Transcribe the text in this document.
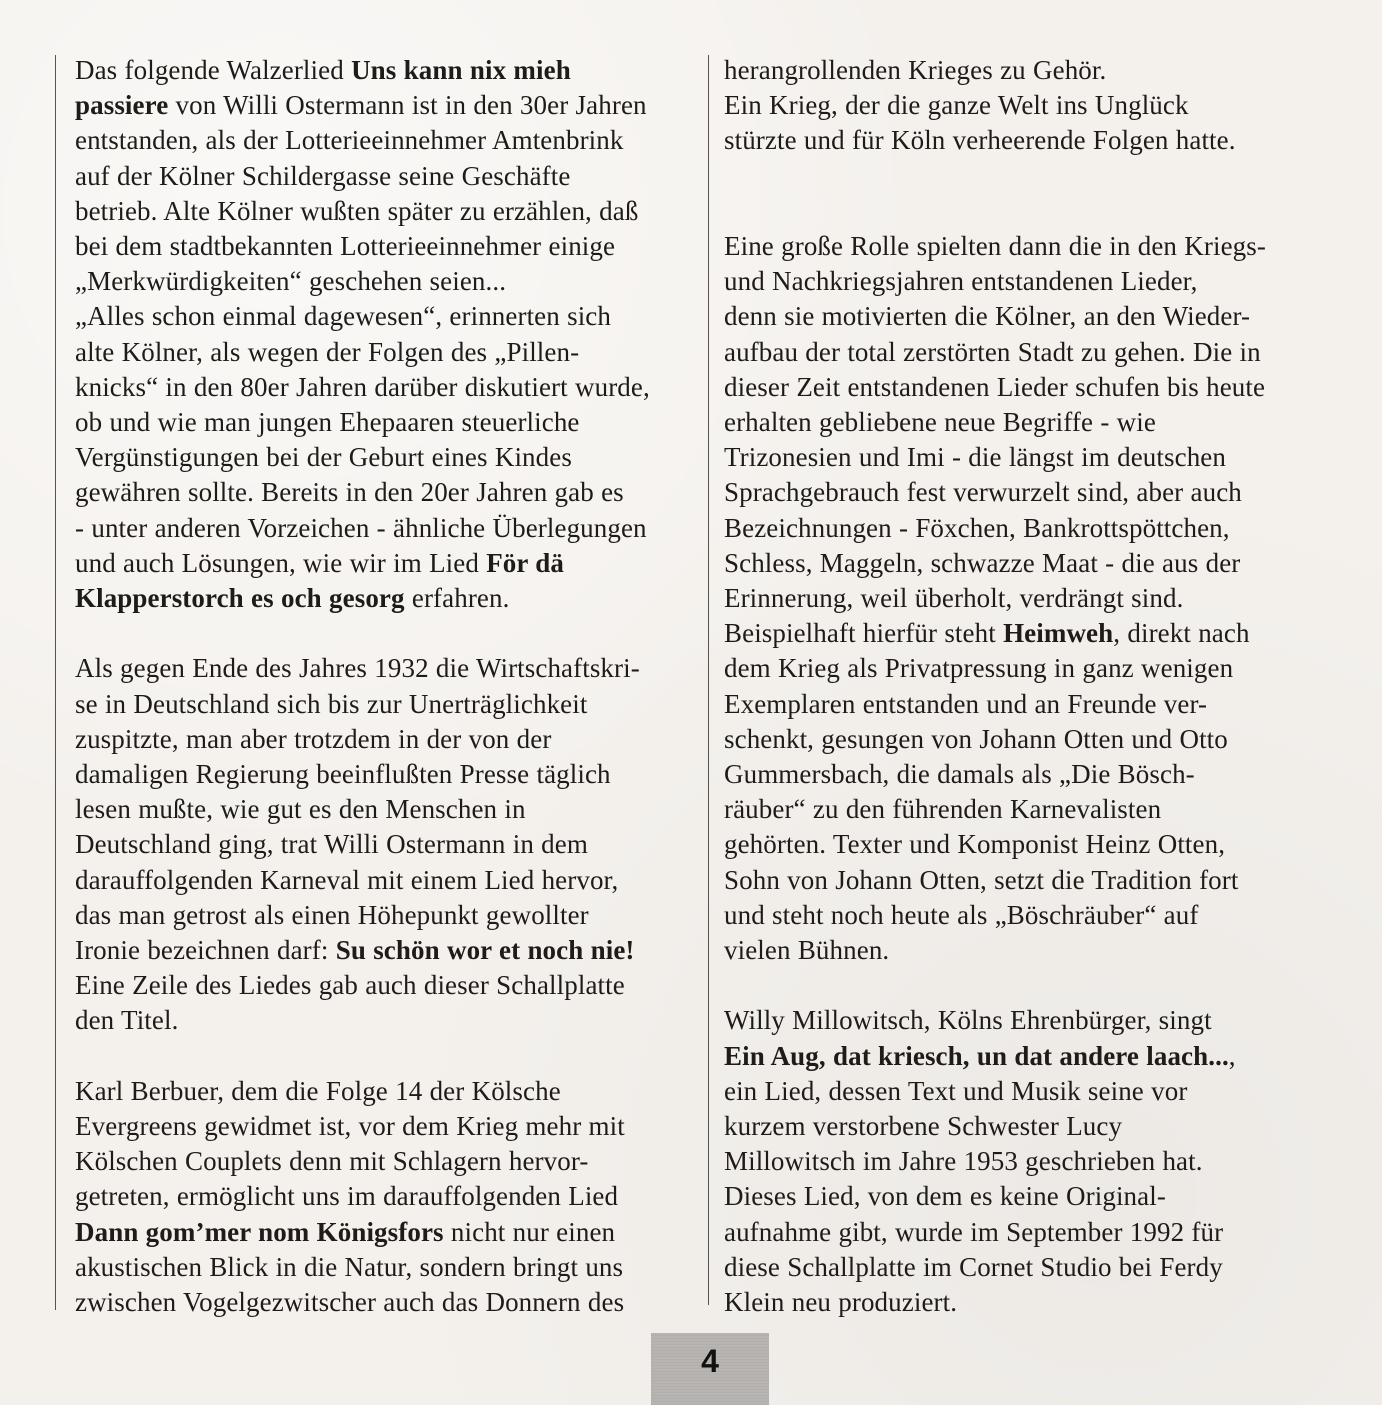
Das folgende Walzerlied Uns kann nix mieh
passiere von Willi Ostermann ist in den 30er Jahren
entstanden, als der Lotterieeinnehmer Amtenbrink
auf der Kölner Schildergasse seine Geschäfte
betrieb. Alte Kölner wußten später zu erzählen, daß
bei dem stadtbekannten Lotterieeinnehmer einige
„Merkwürdigkeiten“ geschehen seien...
„Alles schon einmal dagewesen“, erinnerten sich
alte Kölner, als wegen der Folgen des „Pillen-
knicks“ in den 80er Jahren darüber diskutiert wurde,
ob und wie man jungen Ehepaaren steuerliche
Vergünstigungen bei der Geburt eines Kindes
gewähren sollte. Bereits in den 20er Jahren gab es
- unter anderen Vorzeichen - ähnliche Überlegungen
und auch Lösungen, wie wir im Lied För dä
Klapperstorch es och gesorg erfahren.
Als gegen Ende des Jahres 1932 die Wirtschaftskri-
se in Deutschland sich bis zur Unerträglichkeit
zuspitzte, man aber trotzdem in der von der
damaligen Regierung beeinflußten Presse täglich
lesen mußte, wie gut es den Menschen in
Deutschland ging, trat Willi Ostermann in dem
darauffolgenden Karneval mit einem Lied hervor,
das man getrost als einen Höhepunkt gewollter
Ironie bezeichnen darf: Su schön wor et noch nie!
Eine Zeile des Liedes gab auch dieser Schallplatte
den Titel.
Karl Berbuer, dem die Folge 14 der Kölsche
Evergreens gewidmet ist, vor dem Krieg mehr mit
Kölschen Couplets denn mit Schlagern hervor-
getreten, ermöglicht uns im darauffolgenden Lied
Dann gom’mer nom Königsfors nicht nur einen
akustischen Blick in die Natur, sondern bringt uns
zwischen Vogelgezwitscher auch das Donnern des
herangrollenden Krieges zu Gehör.
Ein Krieg, der die ganze Welt ins Unglück
stürzte und für Köln verheerende Folgen hatte.
Eine große Rolle spielten dann die in den Kriegs-
und Nachkriegsjahren entstandenen Lieder,
denn sie motivierten die Kölner, an den Wieder-
aufbau der total zerstörten Stadt zu gehen. Die in
dieser Zeit entstandenen Lieder schufen bis heute
erhalten gebliebene neue Begriffe - wie
Trizonesien und Imi - die längst im deutschen
Sprachgebrauch fest verwurzelt sind, aber auch
Bezeichnungen - Föxchen, Bankrottspöttchen,
Schless, Maggeln, schwazze Maat - die aus der
Erinnerung, weil überholt, verdrängt sind.
Beispielhaft hierfür steht Heimweh, direkt nach
dem Krieg als Privatpressung in ganz wenigen
Exemplaren entstanden und an Freunde ver-
schenkt, gesungen von Johann Otten und Otto
Gummersbach, die damals als „Die Bösch-
räuber“ zu den führenden Karnevalisten
gehörten. Texter und Komponist Heinz Otten,
Sohn von Johann Otten, setzt die Tradition fort
und steht noch heute als „Böschräuber“ auf
vielen Bühnen.
Willy Millowitsch, Kölns Ehrenbürger, singt
Ein Aug, dat kriesch, un dat andere laach...,
ein Lied, dessen Text und Musik seine vor
kurzem verstorbene Schwester Lucy
Millowitsch im Jahre 1953 geschrieben hat.
Dieses Lied, von dem es keine Original-
aufnahme gibt, wurde im September 1992 für
diese Schallplatte im Cornet Studio bei Ferdy
Klein neu produziert.
4
